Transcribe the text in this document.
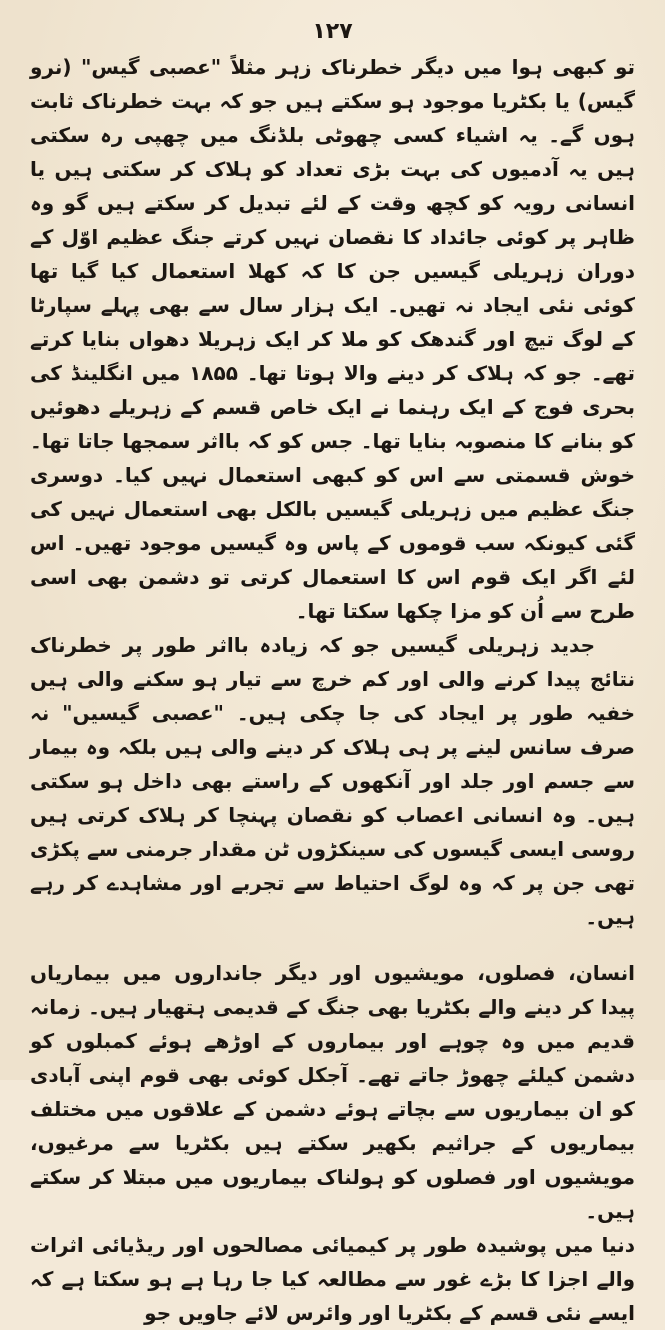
۱۲۷

تو کبھی ہوا میں دیگر خطرناک زہر مثلاً "عصبی گیس" (نرو گیس) یا بکٹریا موجود ہو سکتے ہیں جو کہ بہت خطرناک ثابت ہوں گے۔ یہ اشیاء کسی چھوٹی بلڈنگ میں چھپی رہ سکتی ہیں یہ آدمیوں کی بہت بڑی تعداد کو ہلاک کر سکتی ہیں یا انسانی رویہ کو کچھ وقت کے لئے تبدیل کر سکتے ہیں گو وہ ظاہر پر کوئی جائداد کا نقصان نہیں کرتے جنگ عظیم اوّل کے دوران زہریلی گیسیں جن کا کہ کھلا استعمال کیا گیا تھا کوئی نئی ایجاد نہ تھیں۔ ایک ہزار سال سے بھی پہلے سپارٹا کے لوگ تیچ اور گندھک کو ملا کر ایک زہریلا دھواں بنایا کرتے تھے۔ جو کہ ہلاک کر دینے والا ہوتا تھا۔ ۱۸۵۵ میں انگلینڈ کی بحری فوج کے ایک رہنما نے ایک خاص قسم کے زہریلے دھوئیں کو بنانے کا منصوبہ بنایا تھا۔ جس کو کہ بااثر سمجھا جاتا تھا۔ خوش قسمتی سے اس کو کبھی استعمال نہیں کیا۔ دوسری جنگ عظیم میں زہریلی گیسیں بالکل بھی استعمال نہیں کی گئی کیونکہ سب قوموں کے پاس وہ گیسیں موجود تھیں۔ اس لئے اگر ایک قوم اس کا استعمال کرتی تو دشمن بھی اسی طرح سے اُن کو مزا چکھا سکتا تھا۔

جدید زہریلی گیسیں جو کہ زیادہ بااثر طور پر خطرناک نتائج پیدا کرنے والی اور کم خرچ سے تیار ہو سکنے والی ہیں خفیہ طور پر ایجاد کی جا چکی ہیں۔ "عصبی گیسیں" نہ صرف سانس لینے پر ہی ہلاک کر دینے والی ہیں بلکہ وہ بیمار سے جسم اور جلد اور آنکھوں کے راستے بھی داخل ہو سکتی ہیں۔ وہ انسانی اعصاب کو نقصان پہنچا کر ہلاک کرتی ہیں روسی ایسی گیسوں کی سینکڑوں ٹن مقدار جرمنی سے پکڑی تھی جن پر کہ وہ لوگ احتیاط سے تجربے اور مشاہدے کر رہے ہیں۔

انسان، فصلوں، مویشیوں اور دیگر جانداروں میں بیماریاں پیدا کر دینے والے بکٹریا بھی جنگ کے قدیمی ہتھیار ہیں۔ زمانہ قدیم میں وہ چوہے اور بیماروں کے اوڑھے ہوئے کمبلوں کو دشمن کیلئے چھوڑ جاتے تھے۔ آجکل کوئی بھی قوم اپنی آبادی کو ان بیماریوں سے بچاتے ہوئے دشمن کے علاقوں میں مختلف بیماریوں کے جراثیم بکھیر سکتے ہیں بکٹریا سے مرغیوں، مویشیوں اور فصلوں کو ہولناک بیماریوں میں مبتلا کر سکتے ہیں۔

دنیا میں پوشیدہ طور پر کیمیائی مصالحوں اور ریڈیائی اثرات والے اجزا کا بڑے غور سے مطالعہ کیا جا رہا ہے ہو سکتا ہے کہ ایسے نئی قسم کے بکٹریا اور وائرس لائے جاویں جو
